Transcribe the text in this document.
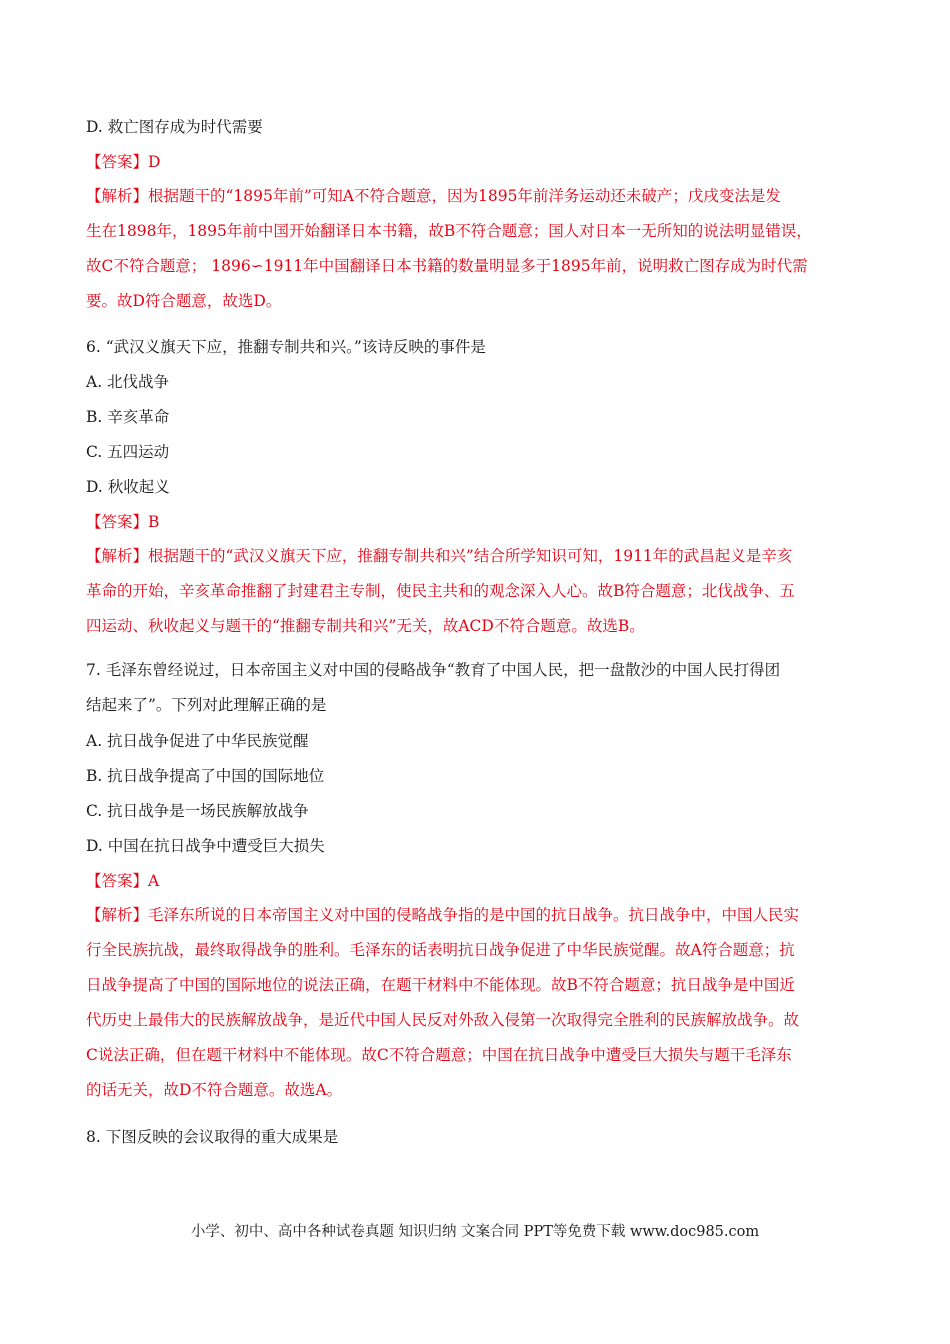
D. 救亡图存成为时代需要
【答案】D
【解析】根据题干的“1895年前”可知A不符合题意，因为1895年前洋务运动还未破产；戊戌变法是发
生在1898年，1895年前中国开始翻译日本书籍，故B不符合题意；国人对日本一无所知的说法明显错误，
故C不符合题意； 1896∽1911年中国翻译日本书籍的数量明显多于1895年前，说明救亡图存成为时代需
要。故D符合题意，故选D。
6. “武汉义旗天下应，推翻专制共和兴。”该诗反映的事件是
A. 北伐战争
B. 辛亥革命
C. 五四运动
D. 秋收起义
【答案】B
【解析】根据题干的“武汉义旗天下应，推翻专制共和兴”结合所学知识可知，1911年的武昌起义是辛亥
革命的开始，辛亥革命推翻了封建君主专制，使民主共和的观念深入人心。故B符合题意；北伐战争、五
四运动、秋收起义与题干的“推翻专制共和兴”无关，故ACD不符合题意。故选B。
7. 毛泽东曾经说过，日本帝国主义对中国的侵略战争“教育了中国人民，把一盘散沙的中国人民打得团
结起来了”。下列对此理解正确的是
A. 抗日战争促进了中华民族觉醒
B. 抗日战争提高了中国的国际地位
C. 抗日战争是一场民族解放战争
D. 中国在抗日战争中遭受巨大损失
【答案】A
【解析】毛泽东所说的日本帝国主义对中国的侵略战争指的是中国的抗日战争。抗日战争中，中国人民实
行全民族抗战，最终取得战争的胜利。毛泽东的话表明抗日战争促进了中华民族觉醒。故A符合题意；抗
日战争提高了中国的国际地位的说法正确，在题干材料中不能体现。故B不符合题意；抗日战争是中国近
代历史上最伟大的民族解放战争，是近代中国人民反对外敌入侵第一次取得完全胜利的民族解放战争。故
C说法正确，但在题干材料中不能体现。故C不符合题意；中国在抗日战争中遭受巨大损失与题干毛泽东
的话无关，故D不符合题意。故选A。
8. 下图反映的会议取得的重大成果是
小学、初中、高中各种试卷真题 知识归纳 文案合同 PPT等免费下载 www.doc985.com
